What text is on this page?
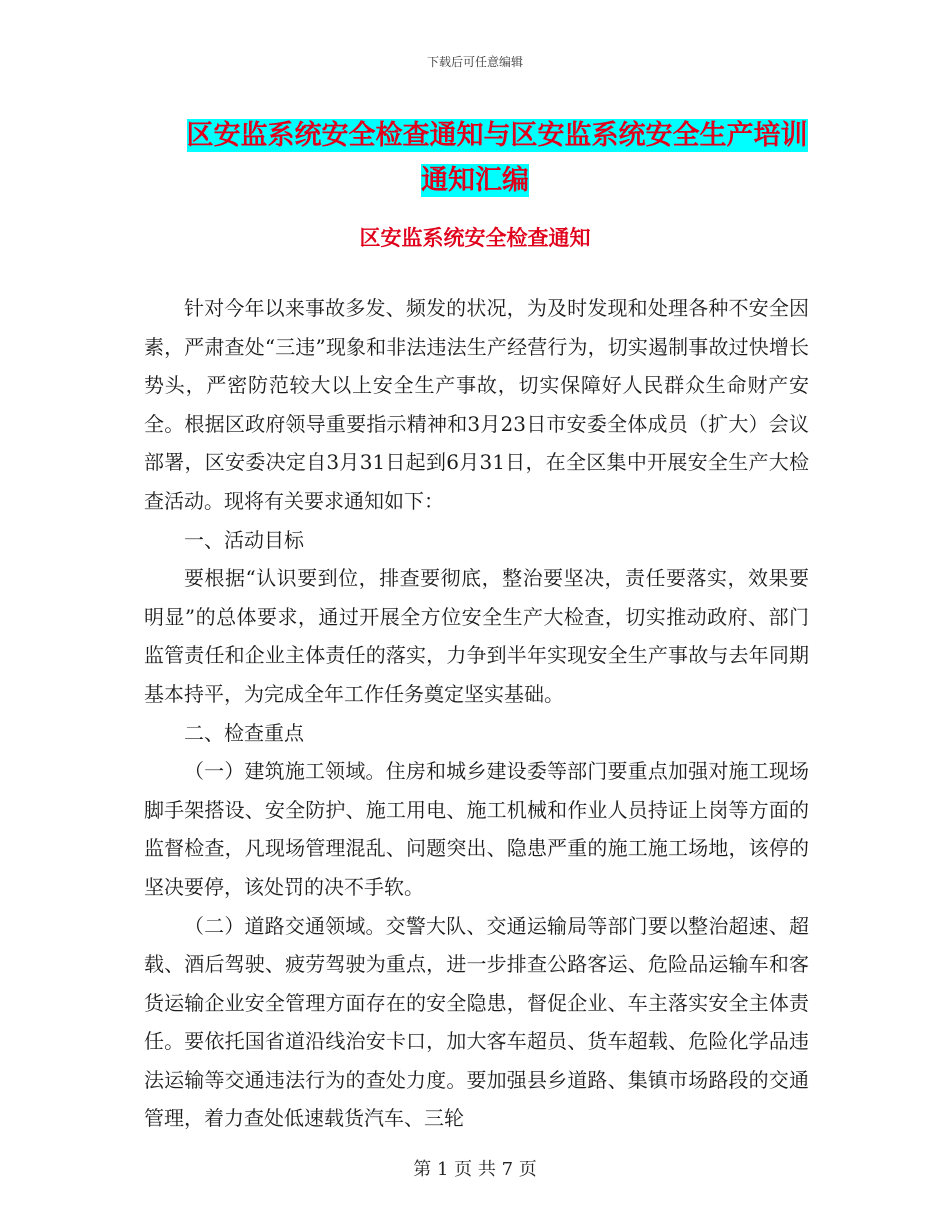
下载后可任意编辑
区安监系统安全检查通知与区安监系统安全生产培训
通知汇编
区安监系统安全检查通知

针对今年以来事故多发、频发的状况，为及时发现和处理各种不安全因素，严肃查处“三违”现象和非法违法生产经营行为，切实遏制事故过快增长势头，严密防范较大以上安全生产事故，切实保障好人民群众生命财产安全。根据区政府领导重要指示精神和3月23日市安委全体成员（扩大）会议部署，区安委决定自3月31日起到6月31日，在全区集中开展安全生产大检查活动。现将有关要求通知如下：

一、活动目标

要根据“认识要到位，排查要彻底，整治要坚决，责任要落实，效果要明显”的总体要求，通过开展全方位安全生产大检查，切实推动政府、部门监管责任和企业主体责任的落实，力争到半年实现安全生产事故与去年同期基本持平，为完成全年工作任务奠定坚实基础。

二、检查重点

（一）建筑施工领域。住房和城乡建设委等部门要重点加强对施工现场脚手架搭设、安全防护、施工用电、施工机械和作业人员持证上岗等方面的监督检查，凡现场管理混乱、问题突出、隐患严重的施工施工场地，该停的坚决要停，该处罚的决不手软。

（二）道路交通领域。交警大队、交通运输局等部门要以整治超速、超载、酒后驾驶、疲劳驾驶为重点，进一步排查公路客运、危险品运输车和客货运输企业安全管理方面存在的安全隐患，督促企业、车主落实安全主体责任。要依托国省道沿线治安卡口，加大客车超员、货车超载、危险化学品违法运输等交通违法行为的查处力度。要加强县乡道路、集镇市场路段的交通管理，着力查处低速载货汽车、三轮

第 1 页 共 7 页
